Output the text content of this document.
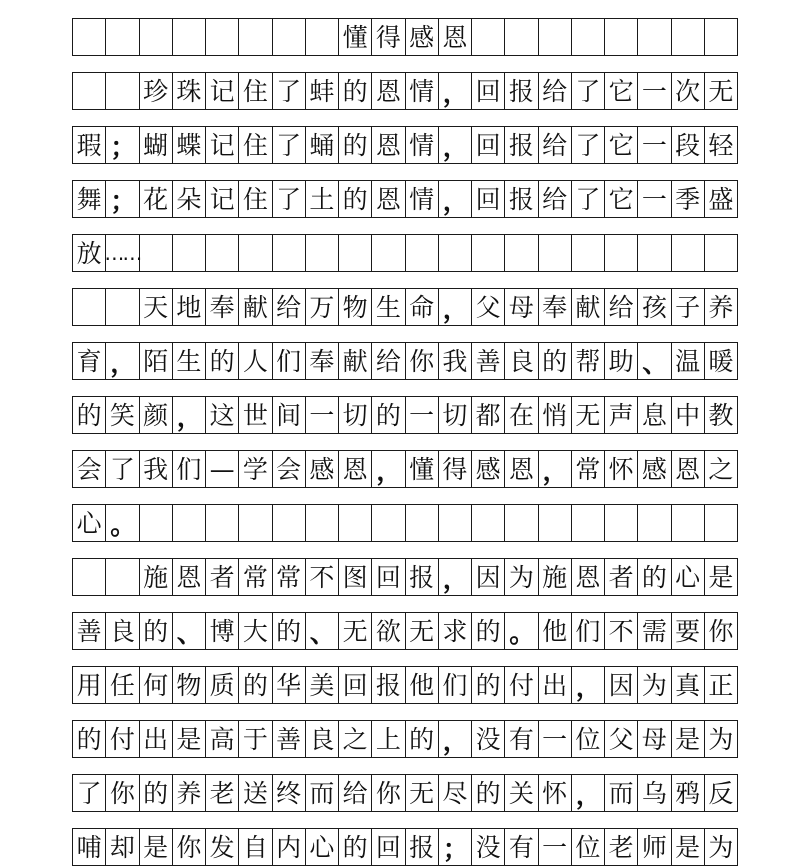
懂 得 感 恩
珍 珠 记 住 了 蚌 的 恩 情 ， 回 报 给 了 它 一 次 无
瑕 ； 蝴 蝶 记 住 了 蛹 的 恩 情 ， 回 报 给 了 它 一 段 轻
舞 ； 花 朵 记 住 了 土 的 恩 情 ， 回 报 给 了 它 一 季 盛
放 ……
天 地 奉 献 给 万 物 生 命 ， 父 母 奉 献 给 孩 子 养
育 ， 陌 生 的 人 们 奉 献 给 你 我 善 良 的 帮 助 、 温 暖
的 笑 颜 ， 这 世 间 一 切 的 一 切 都 在 悄 无 声 息 中 教
会 了 我 们 — 学 会 感 恩 ， 懂 得 感 恩 ， 常 怀 感 恩 之
心 。
施 恩 者 常 常 不 图 回 报 ， 因 为 施 恩 者 的 心 是
善 良 的 、 博 大 的 、 无 欲 无 求 的 。 他 们 不 需 要 你
用 任 何 物 质 的 华 美 回 报 他 们 的 付 出 ， 因 为 真 正
的 付 出 是 高 于 善 良 之 上 的 ， 没 有 一 位 父 母 是 为
了 你 的 养 老 送 终 而 给 你 无 尽 的 关 怀 ， 而 乌 鸦 反
哺 却 是 你 发 自 内 心 的 回 报 ； 没 有 一 位 老 师 是 为
